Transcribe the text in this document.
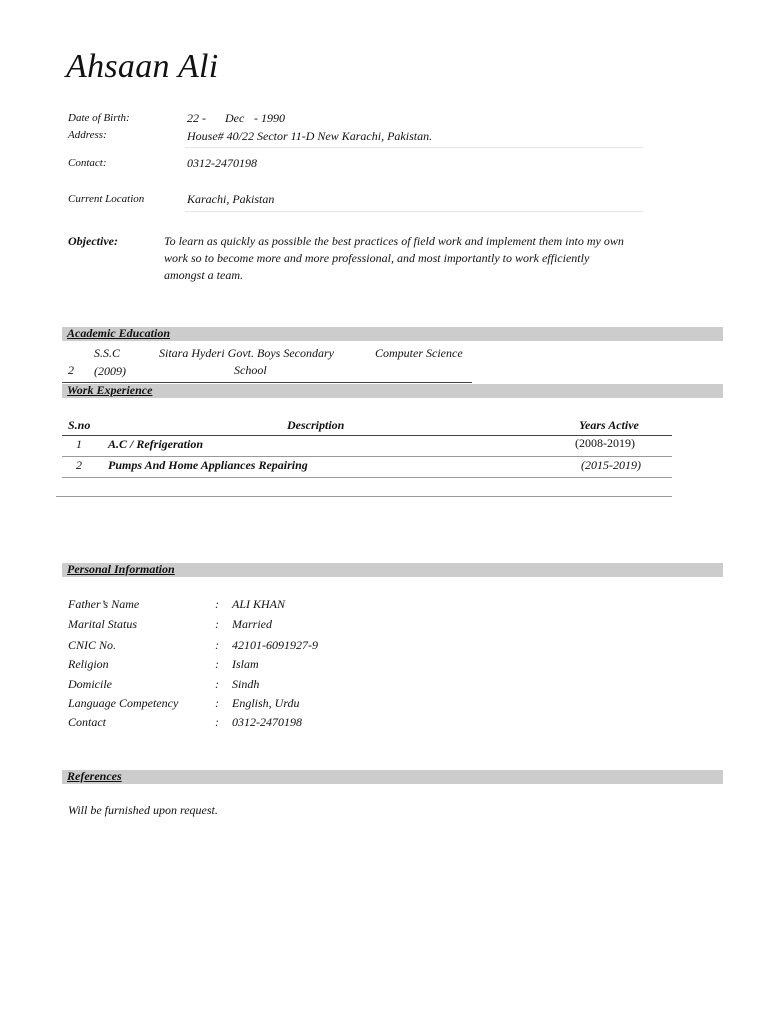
Ahsaan Ali
Date of Birth:	22 - Dec - 1990
Address:	House# 40/22 Sector 11-D New Karachi, Pakistan.
Contact:	0312-2470198
Current Location	Karachi, Pakistan
Objective:	To learn as quickly as possible the best practices of field work and implement them into my own
work so to become more and more professional, and most importantly to work efficiently
amongst a team.
Academic Education
S.S.C	Sitara Hyderi Govt. Boys Secondary	Computer Science
2 (2009)	School
Work Experience
S.no	Description	Years Active
1 A.C / Refrigeration	(2008-2019)
2 Pumps And Home Appliances Repairing	(2015-2019)
Personal Information
Father’s Name	: ALI KHAN
Marital Status	: Married
CNIC No.	: 42101-6091927-9
Religion	: Islam
Domicile	: Sindh
Language Competency	: English, Urdu
Contact	: 0312-2470198
References
Will be furnished upon request.
